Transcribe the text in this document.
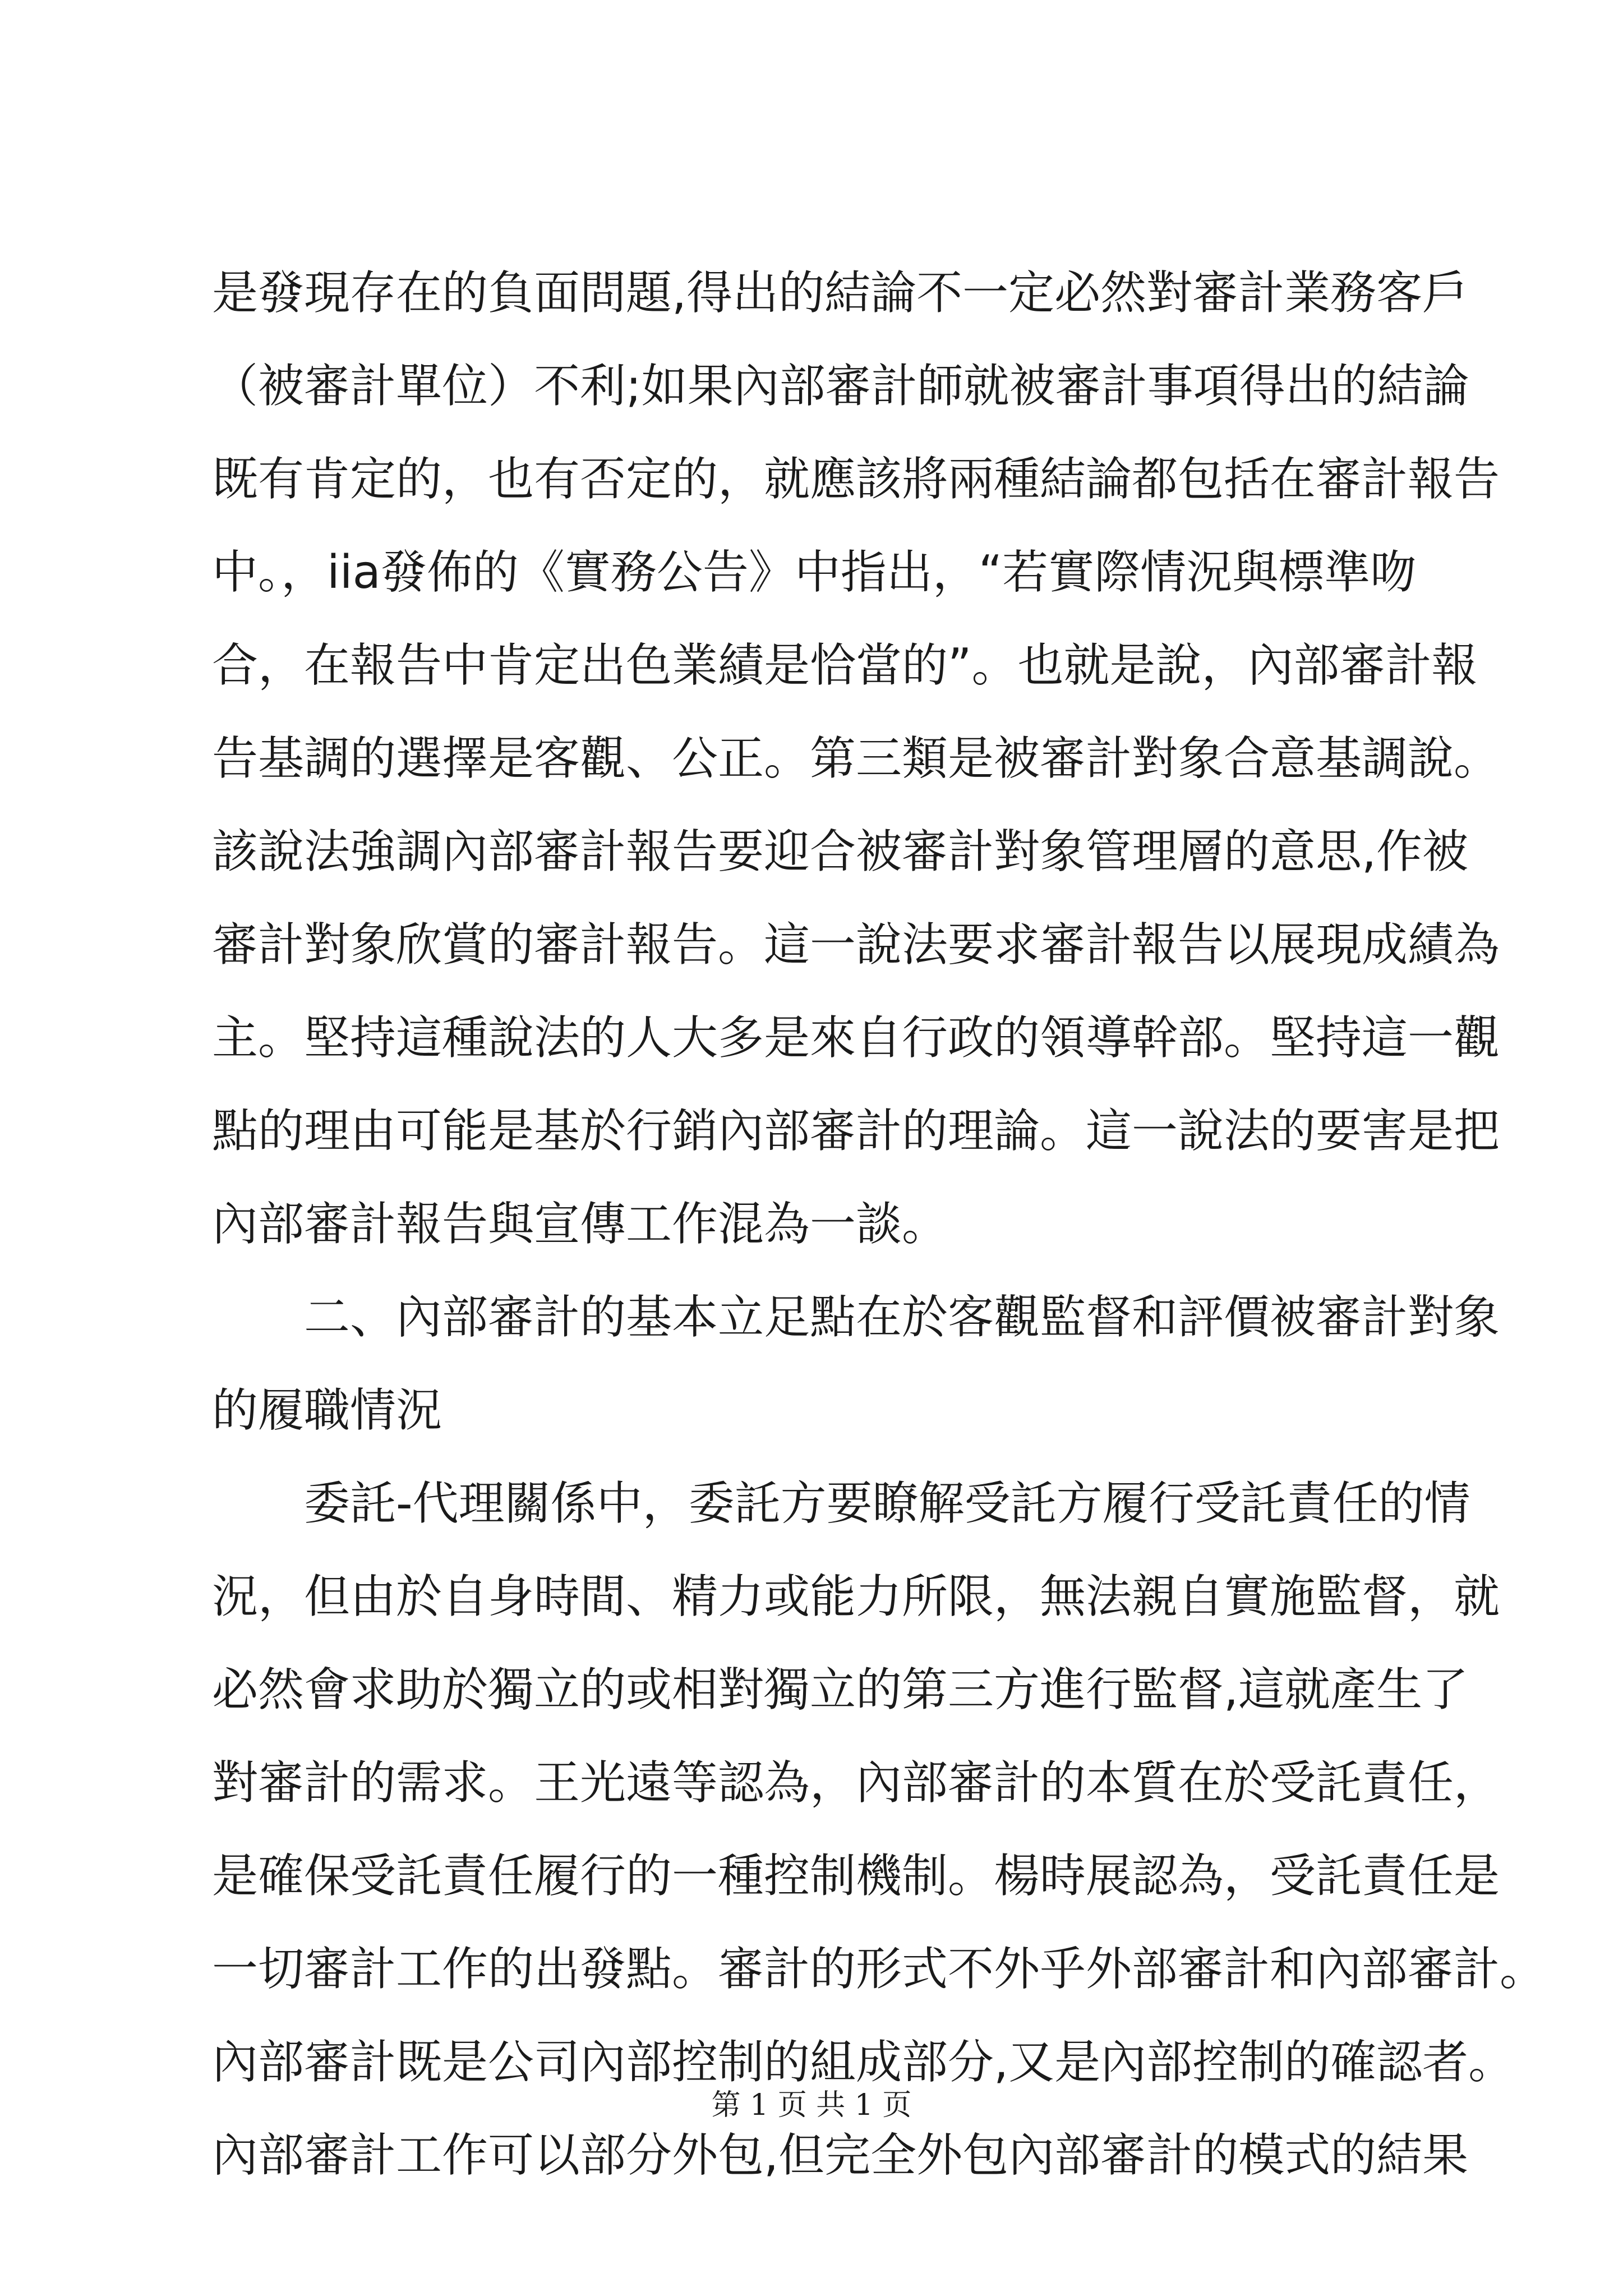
是發現存在的負面問題,得出的結論不一定必然對審計業務客戶
（被審計單位）不利;如果內部審計師就被審計事項得出的結論
既有肯定的，也有否定的，就應該將兩種結論都包括在審計報告
中。，iia發佈的《實務公告》中指出，“若實際情況與標準吻
合，在報告中肯定出色業績是恰當的”。也就是說，內部審計報
告基調的選擇是客觀、公正。第三類是被審計對象合意基調說。
該說法強調內部審計報告要迎合被審計對象管理層的意思,作被
審計對象欣賞的審計報告。這一說法要求審計報告以展現成績為
主。堅持這種說法的人大多是來自行政的領導幹部。堅持這一觀
點的理由可能是基於行銷內部審計的理論。這一說法的要害是把
內部審計報告與宣傳工作混為一談。
二、內部審計的基本立足點在於客觀監督和評價被審計對象
的履職情況
委託-代理關係中，委託方要瞭解受託方履行受託責任的情
況，但由於自身時間、精力或能力所限，無法親自實施監督，就
必然會求助於獨立的或相對獨立的第三方進行監督,這就產生了
對審計的需求。王光遠等認為，內部審計的本質在於受託責任，
是確保受託責任履行的一種控制機制。楊時展認為，受託責任是
一切審計工作的出發點。審計的形式不外乎外部審計和內部審計。
內部審計既是公司內部控制的組成部分,又是內部控制的確認者。
內部審計工作可以部分外包,但完全外包內部審計的模式的結果
第 1 页 共 1 页
